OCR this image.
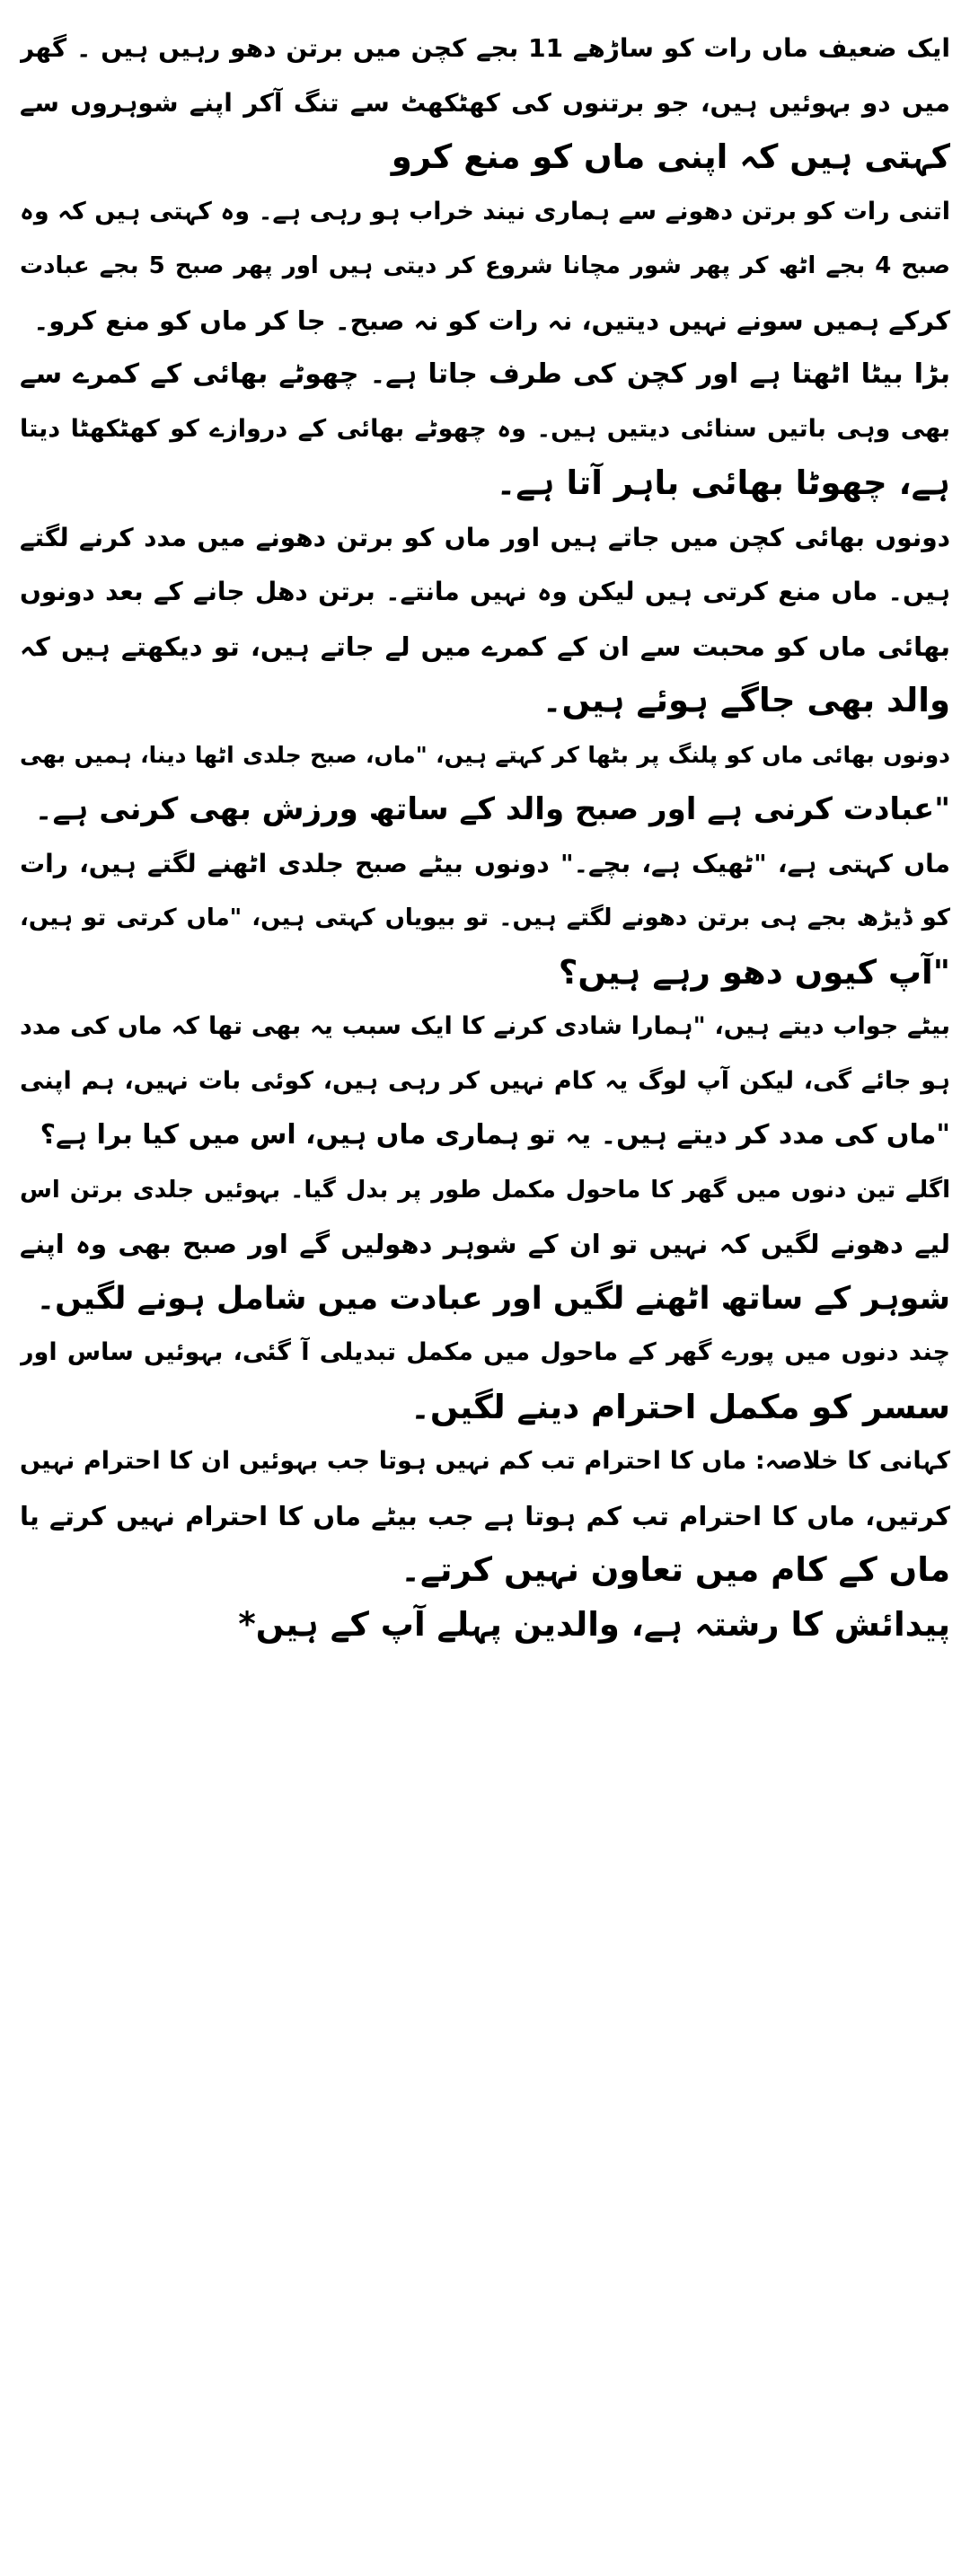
ایک ضعیف ماں رات کو ساڑھے 11 بجے کچن میں برتن دھو رہیں ہیں ۔ گھر
میں دو بہوئیں ہیں، جو برتنوں کی کھٹکھٹ سے تنگ آکر اپنے شوہروں سے
کہتی ہیں کہ اپنی ماں کو منع کرو
اتنی رات کو برتن دھونے سے ہماری نیند خراب ہو رہی ہے۔ وہ کہتی ہیں کہ وہ
صبح 4 بجے اٹھ کر پھر شور مچانا شروع کر دیتی ہیں اور پھر صبح 5 بجے عبادت
کرکے ہمیں سونے نہیں دیتیں، نہ رات کو نہ صبح۔ جا کر ماں کو منع کرو۔
بڑا بیٹا اٹھتا ہے اور کچن کی طرف جاتا ہے۔ چھوٹے بھائی کے کمرے سے
بھی وہی باتیں سنائی دیتیں ہیں۔ وہ چھوٹے بھائی کے دروازے کو کھٹکھٹا دیتا
ہے، چھوٹا بھائی باہر آتا ہے۔
دونوں بھائی کچن میں جاتے ہیں اور ماں کو برتن دھونے میں مدد کرنے لگتے
ہیں۔ ماں منع کرتی ہیں لیکن وہ نہیں مانتے۔ برتن دھل جانے کے بعد دونوں
بھائی ماں کو محبت سے ان کے کمرے میں لے جاتے ہیں، تو دیکھتے ہیں کہ
والد بھی جاگے ہوئے ہیں۔
دونوں بھائی ماں کو پلنگ پر بٹھا کر کہتے ہیں، "ماں، صبح جلدی اٹھا دینا، ہمیں بھی
"عبادت کرنی ہے اور صبح والد کے ساتھ ورزش بھی کرنی ہے۔
ماں کہتی ہے، "ٹھیک ہے، بچے۔" دونوں بیٹے صبح جلدی اٹھنے لگتے ہیں، رات
کو ڈیڑھ بجے ہی برتن دھونے لگتے ہیں۔ تو بیویاں کہتی ہیں، "ماں کرتی تو ہیں،
"آپ کیوں دھو رہے ہیں؟
بیٹے جواب دیتے ہیں، "ہمارا شادی کرنے کا ایک سبب یہ بھی تھا کہ ماں کی مدد
ہو جائے گی، لیکن آپ لوگ یہ کام نہیں کر رہی ہیں، کوئی بات نہیں، ہم اپنی
"ماں کی مدد کر دیتے ہیں۔ یہ تو ہماری ماں ہیں، اس میں کیا برا ہے؟
اگلے تین دنوں میں گھر کا ماحول مکمل طور پر بدل گیا۔ بہوئیں جلدی برتن اس
لیے دھونے لگیں کہ نہیں تو ان کے شوہر دھولیں گے اور صبح بھی وہ اپنے
شوہر کے ساتھ اٹھنے لگیں اور عبادت میں شامل ہونے لگیں۔
چند دنوں میں پورے گھر کے ماحول میں مکمل تبدیلی آ گئی، بہوئیں ساس اور
سسر کو مکمل احترام دینے لگیں۔
کہانی کا خلاصہ: ماں کا احترام تب کم نہیں ہوتا جب بہوئیں ان کا احترام نہیں
کرتیں، ماں کا احترام تب کم ہوتا ہے جب بیٹے ماں کا احترام نہیں کرتے یا
ماں کے کام میں تعاون نہیں کرتے۔
پیدائش کا رشتہ ہے، والدین پہلے آپ کے ہیں*
